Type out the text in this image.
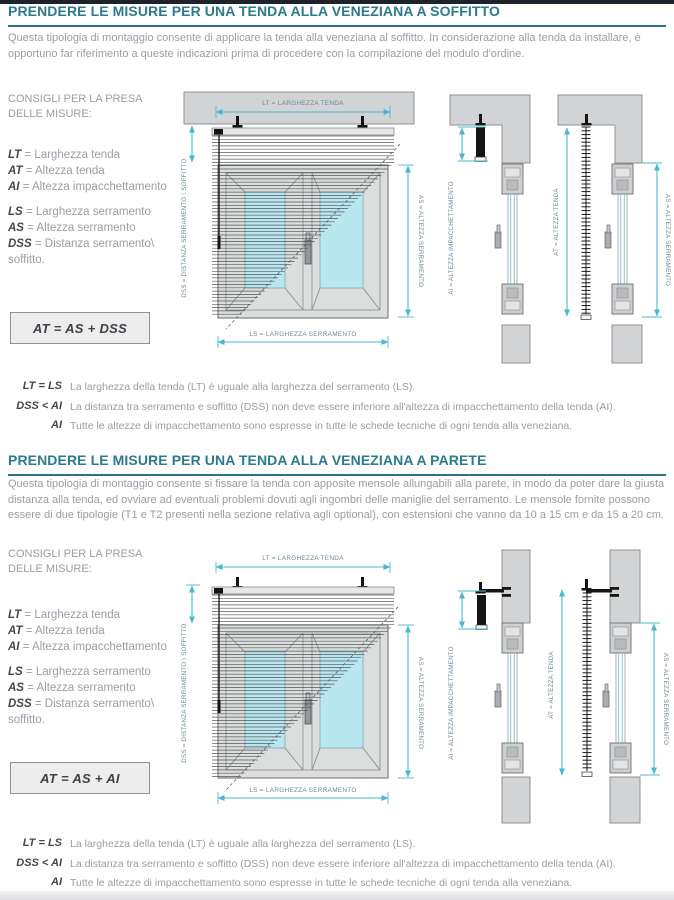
PRENDERE LE MISURE PER UNA TENDA ALLA VENEZIANA A SOFFITTO
Questa tipologia di montaggio consente di applicare la tenda alla veneziana al soffitto. In considerazione alla tenda da installare, è opportuno far riferimento a queste indicazioni prima di procedere con la compilazione del modulo d'ordine.
CONSIGLI PER LA PRESA
DELLE MISURE:
LT = Larghezza tenda
AT = Altezza tenda
AI = Altezza impacchettamento
LS = Larghezza serramento
AS = Altezza serramento
DSS = Distanza serramento\ soffitto.
AT = AS + DSS
LT = LARGHEZZA TENDA
DSS = DISTANZA SERRAMENTO \ SOFFITTO	AS = ALTEZZA SERRAMENTO
LS = LARGHEZZA SERRAMENTO
AI = ALTEZZA IMPACCHETTAMENTO	AT = ALTEZZA TENDA	AS = ALTEZZA SERRAMENTO
LT = LS La larghezza della tenda (LT) è uguale alla larghezza del serramento (LS).
DSS < AI La distanza tra serramento e soffitto (DSS) non deve essere inferiore all'altezza di impacchettamento della tenda (AI).
AI Tutte le altezze di impacchettamento sono espresse in tutte le schede tecniche di ogni tenda alla veneziana.
PRENDERE LE MISURE PER UNA TENDA ALLA VENEZIANA A PARETE
Questa tipologia di montaggio consente si fissare la tenda con apposite mensole allungabili alla parete, in modo da poter dare la giusta distanza alla tenda, ed ovviare ad eventuali problemi dovuti agli ingombri delle maniglie del serramento. Le mensole fornite possono essere di due tipologie (T1 e T2 presenti nella sezione relativa agli optional), con estensioni che vanno da 10 a 15 cm e da 15 a 20 cm.
CONSIGLI PER LA PRESA
DELLE MISURE:
LT = Larghezza tenda
AT = Altezza tenda
AI = Altezza impacchettamento
LS = Larghezza serramento
AS = Altezza serramento
DSS = Distanza serramento\ soffitto.
AT = AS + AI
LT = LARGHEZZA TENDA
DSS = DISTANZA SERRAMENTO \ SOFFITTO	AS = ALTEZZA SERRAMENTO
LS = LARGHEZZA SERRAMENTO
AI = ALTEZZA IMPACCHETTAMENTO	AT = ALTEZZA TENDA	AS = ALTEZZA SERRAMENTO
LT = LS La larghezza della tenda (LT) è uguale alla larghezza del serramento (LS).
DSS < AI La distanza tra serramento e soffitto (DSS) non deve essere inferiore all'altezza di impacchettamento della tenda (AI).
AI Tutte le altezze di impacchettamento sono espresse in tutte le schede tecniche di ogni tenda alla veneziana.
